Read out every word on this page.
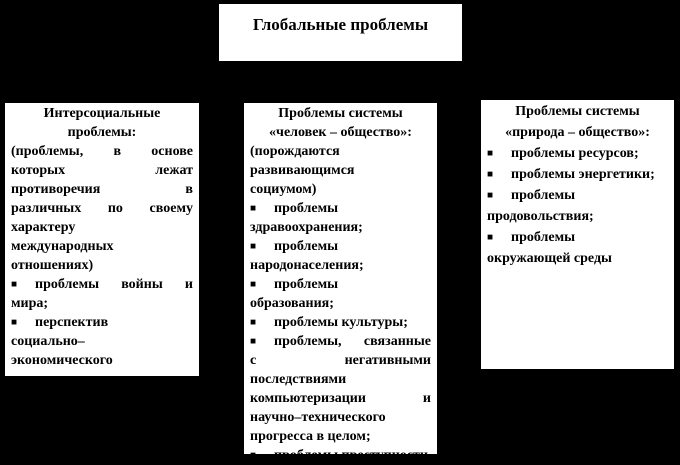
Глобальные проблемы
Интерсоциальные
проблемы:
(проблемы, в основе
которых лежат
противоречия в
различных по своему
характеру
международных
отношениях)
■ проблемы войны и
мира;
■ перспектив
социально–
экономического
развития
Проблемы системы
«человек – общество»:
(порождаются
развивающимся
социумом)
■ проблемы
здравоохранения;
■ проблемы
народонаселения;
■ проблемы
образования;
■ проблемы культуры;
■ проблемы, связанные
с негативными
последствиями
компьютеризации и
научно–технического
прогресса в целом;
■ проблемы преступности
Проблемы системы
«природа – общество»:
■ проблемы ресурсов;
■ проблемы энергетики;
■ проблемы
продовольствия;
■ проблемы
окружающей среды
